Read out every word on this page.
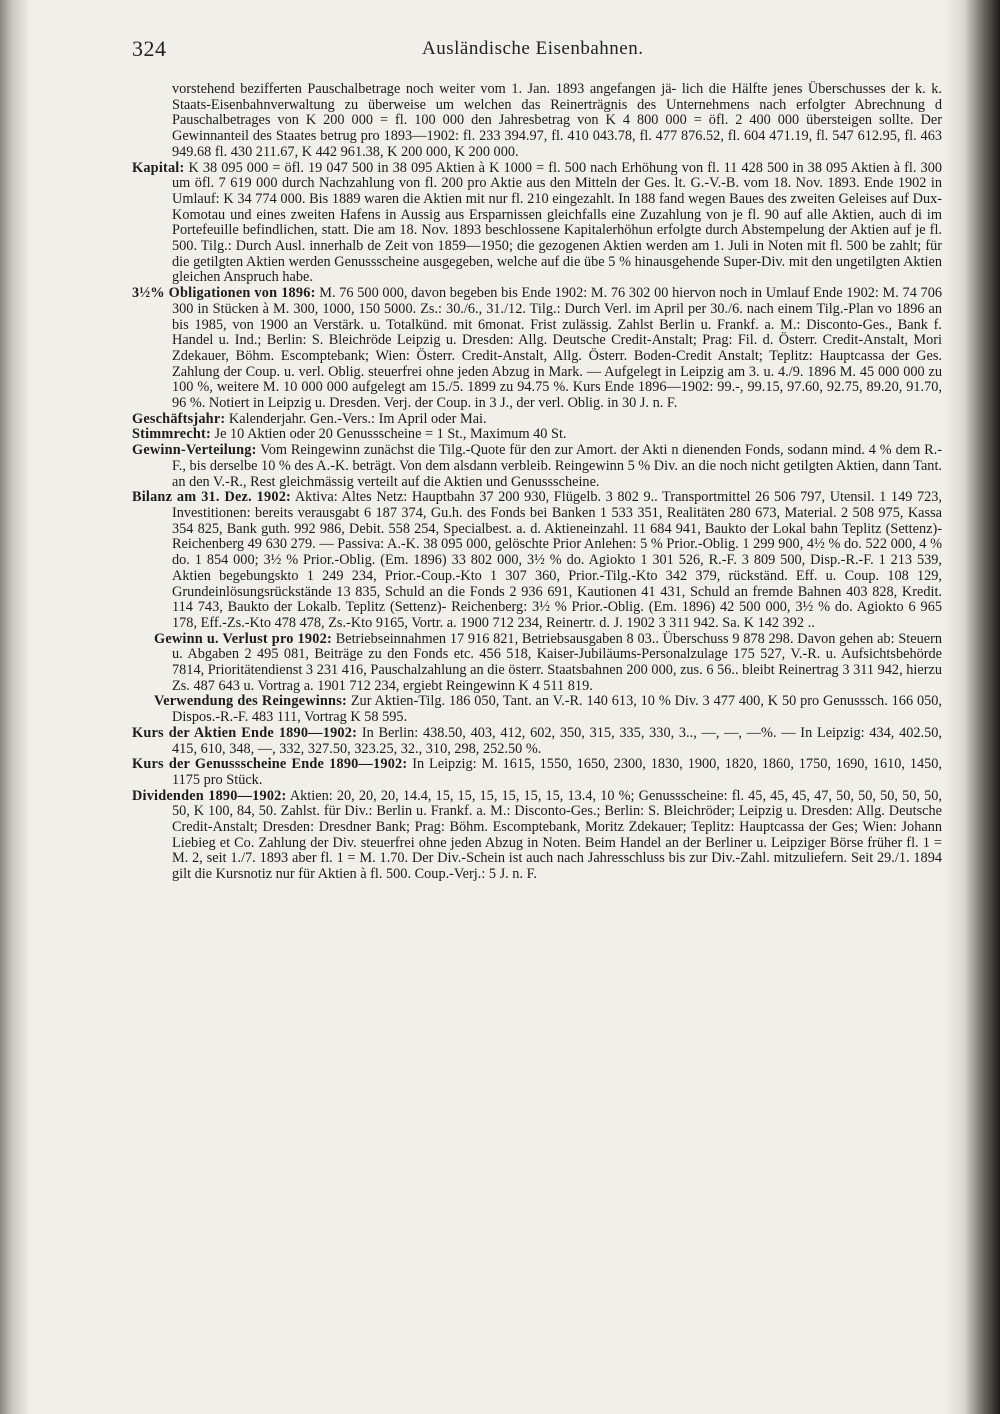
324	Ausländische Eisenbahnen.

vorstehend bezifferten Pauschalbetrage noch weiter vom 1. Jan. 1893 angefangen jä- lich die Hälfte jenes Überschusses der k. k. Staats-Eisenbahnverwaltung zu überweise um welchen das Reinerträgnis des Unternehmens nach erfolgter Abrechnung d Pauschalbetrages von K 200 000 = fl. 100 000 den Jahresbetrag von K 4 800 000 = öfl. 2 400 000 übersteigen sollte. Der Gewinnanteil des Staates betrug pro 1893—1902: fl. 233 394.97, fl. 410 043.78, fl. 477 876.52, fl. 604 471.19, fl. 547 612.95, fl. 463 949.68 fl. 430 211.67, K 442 961.38, K 200 000, K 200 000.

Kapital: K 38 095 000 = öfl. 19 047 500 in 38 095 Aktien à K 1000 = fl. 500 nach Erhöhung von fl. 11 428 500 in 38 095 Aktien à fl. 300 um öfl. 7 619 000 durch Nachzahlung von fl. 200 pro Aktie aus den Mitteln der Ges. lt. G.-V.-B. vom 18. Nov. 1893. Ende 1902 in Umlauf: K 34 774 000. Bis 1889 waren die Aktien mit nur fl. 210 eingezahlt. In 188 fand wegen Baues des zweiten Geleises auf Dux-Komotau und eines zweiten Hafens in Aussig aus Ersparnissen gleichfalls eine Zuzahlung von je fl. 90 auf alle Aktien, auch di im Portefeuille befindlichen, statt. Die am 18. Nov. 1893 beschlossene Kapitalerhöhun erfolgte durch Abstempelung der Aktien auf je fl. 500. Tilg.: Durch Ausl. innerhalb de Zeit von 1859—1950; die gezogenen Aktien werden am 1. Juli in Noten mit fl. 500 be zahlt; für die getilgten Aktien werden Genussscheine ausgegeben, welche auf die übe 5 % hinausgehende Super-Div. mit den ungetilgten Aktien gleichen Anspruch habe.

3½% Obligationen von 1896: M. 76 500 000, davon begeben bis Ende 1902: M. 76 302 00 hiervon noch in Umlauf Ende 1902: M. 74 706 300 in Stücken à M. 300, 1000, 150 5000. Zs.: 30./6., 31./12. Tilg.: Durch Verl. im April per 30./6. nach einem Tilg.-Plan vo 1896 an bis 1985, von 1900 an Verstärk. u. Totalkünd. mit 6monat. Frist zulässig. Zahlst Berlin u. Frankf. a. M.: Disconto-Ges., Bank f. Handel u. Ind.; Berlin: S. Bleichröde Leipzig u. Dresden: Allg. Deutsche Credit-Anstalt; Prag: Fil. d. Österr. Credit-Anstalt, Mori Zdekauer, Böhm. Escomptebank; Wien: Österr. Credit-Anstalt, Allg. Österr. Boden-Credit Anstalt; Teplitz: Hauptcassa der Ges. Zahlung der Coup. u. verl. Oblig. steuerfrei ohne jeden Abzug in Mark. — Aufgelegt in Leipzig am 3. u. 4./9. 1896 M. 45 000 000 zu 100 %, weitere M. 10 000 000 aufgelegt am 15./5. 1899 zu 94.75 %. Kurs Ende 1896—1902: 99.-, 99.15, 97.60, 92.75, 89.20, 91.70, 96 %. Notiert in Leipzig u. Dresden. Verj. der Coup. in 3 J., der verl. Oblig. in 30 J. n. F.

Geschäftsjahr: Kalenderjahr. Gen.-Vers.: Im April oder Mai.

Stimmrecht: Je 10 Aktien oder 20 Genussscheine = 1 St., Maximum 40 St.

Gewinn-Verteilung: Vom Reingewinn zunächst die Tilg.-Quote für den zur Amort. der Akti n dienenden Fonds, sodann mind. 4 % dem R.-F., bis derselbe 10 % des A.-K. beträgt. Von dem alsdann verbleib. Reingewinn 5 % Div. an die noch nicht getilgten Aktien, dann Tant. an den V.-R., Rest gleichmässig verteilt auf die Aktien und Genussscheine.

Bilanz am 31. Dez. 1902: Aktiva: Altes Netz: Hauptbahn 37 200 930, Flügelb. 3 802 9.. Transportmittel 26 506 797, Utensil. 1 149 723, Investitionen: bereits verausgabt 6 187 374, Gu.h. des Fonds bei Banken 1 533 351, Realitäten 280 673, Material. 2 508 975, Kassa 354 825, Bank guth. 992 986, Debit. 558 254, Specialbest. a. d. Aktieneinzahl. 11 684 941, Baukto der Lokal bahn Teplitz (Settenz)-Reichenberg 49 630 279. — Passiva: A.-K. 38 095 000, gelöschte Prior Anlehen: 5 % Prior.-Oblig. 1 299 900, 4½ % do. 522 000, 4 % do. 1 854 000; 3½ % Prior.-Oblig. (Em. 1896) 33 802 000, 3½ % do. Agiokto 1 301 526, R.-F. 3 809 500, Disp.-R.-F. 1 213 539, Aktien begebungskto 1 249 234, Prior.-Coup.-Kto 1 307 360, Prior.-Tilg.-Kto 342 379, rückständ. Eff. u. Coup. 108 129, Grundeinlösungsrückstände 13 835, Schuld an die Fonds 2 936 691, Kautionen 41 431, Schuld an fremde Bahnen 403 828, Kredit. 114 743, Baukto der Lokalb. Teplitz (Settenz)- Reichenberg: 3½ % Prior.-Oblig. (Em. 1896) 42 500 000, 3½ % do. Agiokto 6 965 178, Eff.-Zs.-Kto 478 478, Zs.-Kto 9165, Vortr. a. 1900 712 234, Reinertr. d. J. 1902 3 311 942. Sa. K 142 392 ..

Gewinn u. Verlust pro 1902: Betriebseinnahmen 17 916 821, Betriebsausgaben 8 03.. Überschuss 9 878 298. Davon gehen ab: Steuern u. Abgaben 2 495 081, Beiträge zu den Fonds etc. 456 518, Kaiser-Jubiläums-Personalzulage 175 527, V.-R. u. Aufsichtsbehörde 7814, Prioritätendienst 3 231 416, Pauschalzahlung an die österr. Staatsbahnen 200 000, zus. 6 56.. bleibt Reinertrag 3 311 942, hierzu Zs. 487 643 u. Vortrag a. 1901 712 234, ergiebt Reingewinn K 4 511 819.

Verwendung des Reingewinns: Zur Aktien-Tilg. 186 050, Tant. an V.-R. 140 613, 10 % Div. 3 477 400, K 50 pro Genusssch. 166 050, Dispos.-R.-F. 483 111, Vortrag K 58 595.

Kurs der Aktien Ende 1890—1902: In Berlin: 438.50, 403, 412, 602, 350, 315, 335, 330, 3.., —, —, —%. — In Leipzig: 434, 402.50, 415, 610, 348, —, 332, 327.50, 323.25, 32., 310, 298, 252.50 %.

Kurs der Genussscheine Ende 1890—1902: In Leipzig: M. 1615, 1550, 1650, 2300, 1830, 1900, 1820, 1860, 1750, 1690, 1610, 1450, 1175 pro Stück.

Dividenden 1890—1902: Aktien: 20, 20, 20, 14.4, 15, 15, 15, 15, 15, 15, 13.4, 10 %; Genussscheine: fl. 45, 45, 45, 47, 50, 50, 50, 50, 50, 50, K 100, 84, 50. Zahlst. für Div.: Berlin u. Frankf. a. M.: Disconto-Ges.; Berlin: S. Bleichröder; Leipzig u. Dresden: Allg. Deutsche Credit-Anstalt; Dresden: Dresdner Bank; Prag: Böhm. Escomptebank, Moritz Zdekauer; Teplitz: Hauptcassa der Ges; Wien: Johann Liebieg et Co. Zahlung der Div. steuerfrei ohne jeden Abzug in Noten. Beim Handel an der Berliner u. Leipziger Börse früher fl. 1 = M. 2, seit 1./7. 1893 aber fl. 1 = M. 1.70. Der Div.-Schein ist auch nach Jahresschluss bis zur Div.-Zahl. mitzuliefern. Seit 29./1. 1894 gilt die Kursnotiz nur für Aktien à fl. 500. Coup.-Verj.: 5 J. n. F.
